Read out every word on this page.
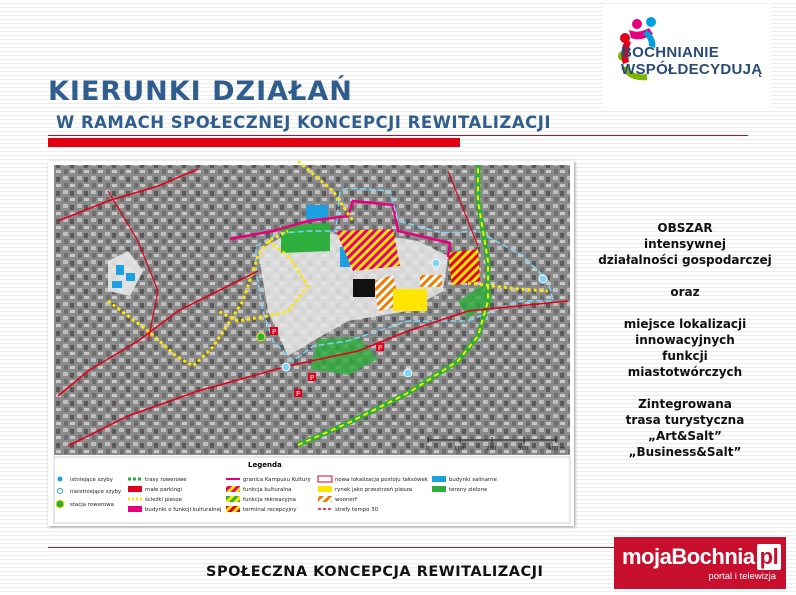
BOCHNIANIE
WSPÓŁDECYDUJĄ
KIERUNKI DZIAŁAŃ
W RAMACH SPOŁECZNEJ KONCEPCJI REWITALIZACJI
P
P
P
P
0	100	200	300	400 m
Legenda
istniejące szyby
nieistniejące szyby
stacja rowerowa
trasy rowerowe
małe parkingi
ścieżki piesze
budynki o funkcji kulturalnej
granica Kampusu Kultury
funkcja kulturalna
funkcja rekreacyjna
terminal recepcyjny
nowa lokalizacja postoju taksówek
rynek jako przestrzeń piesza
woonerf
strefy tempo 30
budynki salinarne
tereny zielone

OBSZAR

intensywnej

działalności gospodarczej

oraz

miejsce lokalizacji

innowacyjnych

funkcji

miastotwórczych

Zintegrowana

trasa turystyczna

„Art&Salt”

„Business&Salt”

SPOŁECZNA KONCEPCJA REWITALIZACJI
mojaBochnia pl
portal i telewizja
